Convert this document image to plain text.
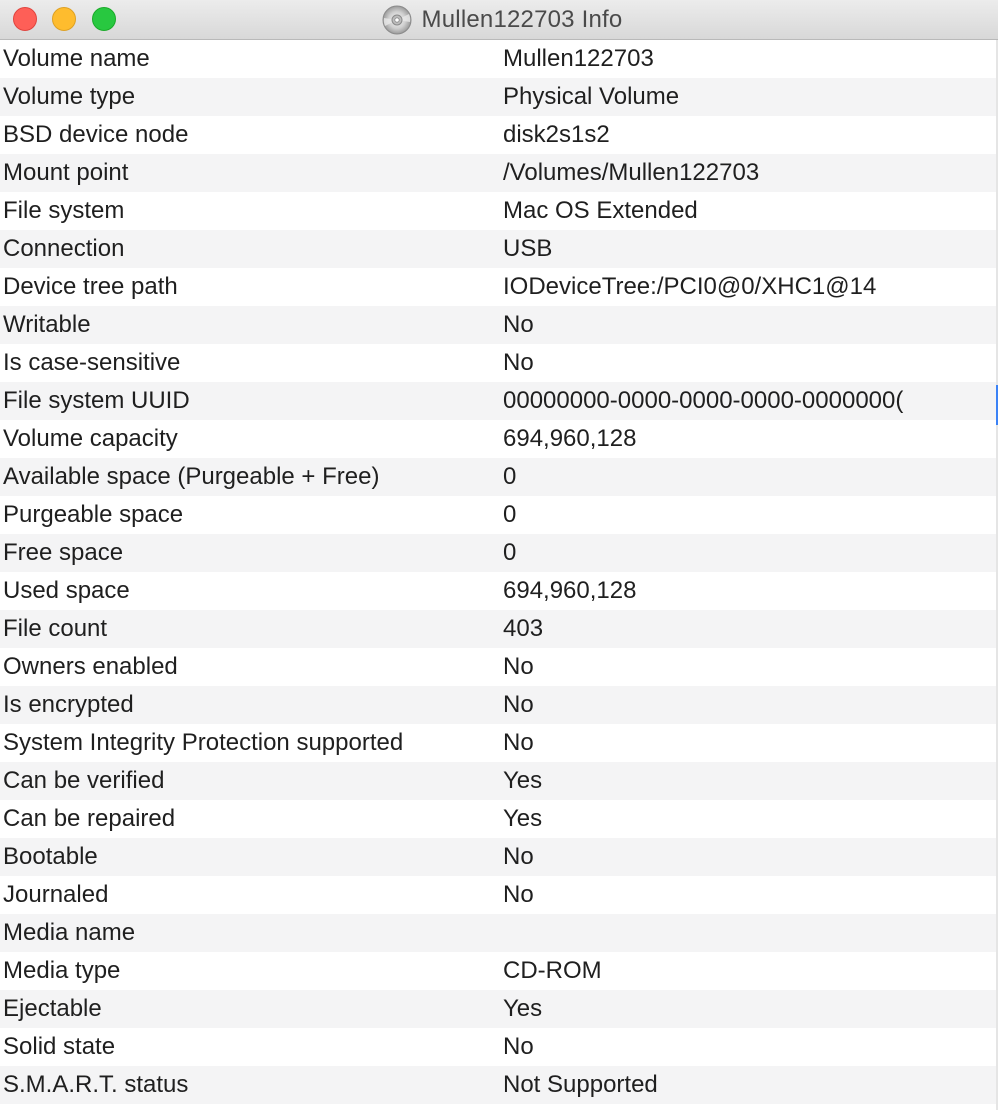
Mullen122703 Info
Volume name	Mullen122703
Volume type	Physical Volume
BSD device node	disk2s1s2
Mount point	/Volumes/Mullen122703
File system	Mac OS Extended
Connection	USB
Device tree path	IODeviceTree:/PCI0@0/XHC1@14
Writable	No
Is case-sensitive	No
File system UUID	00000000-0000-0000-0000-0000000(
Volume capacity	694,960,128
Available space (Purgeable + Free)	0
Purgeable space	0
Free space	0
Used space	694,960,128
File count	403
Owners enabled	No
Is encrypted	No
System Integrity Protection supported	No
Can be verified	Yes
Can be repaired	Yes
Bootable	No
Journaled	No
Media name
Media type	CD-ROM
Ejectable	Yes
Solid state	No
S.M.A.R.T. status	Not Supported
